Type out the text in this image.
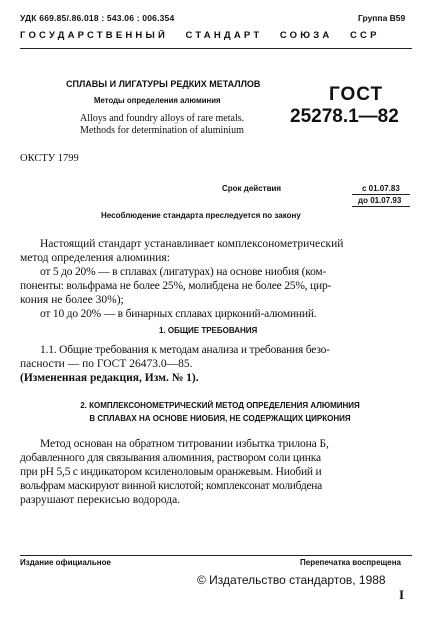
УДК 669.85/.86.018 : 543.06 : 006.354	Группа В59
ГОСУДАРСТВЕННЫЙ   СТАНДАРТ   СОЮЗА   ССР
СПЛАВЫ И ЛИГАТУРЫ РЕДКИХ МЕТАЛЛОВ
Методы определения алюминия
Alloys and foundry alloys of rare metals.
Methods for determination of aluminium
ГОСТ
25278.1—82
ОКСТУ 1799
Срок действия	с 01.07.83
до 01.07.93
Несоблюдение стандарта преследуется по закону

Настоящий стандарт устанавливает комплексонометрический

метод определения алюминия:

от 5 до 20% — в сплавах (лигатурах) на основе ниобия (ком-

поненты: вольфрама не более 25%, молибдена не более 25%, цир-

кония не более 30%);

от 10 до 20% — в бинарных сплавах цирконий-алюминий.

1. ОБЩИЕ ТРЕБОВАНИЯ

1.1. Общие требования к методам анализа и требования безо-

пасности — по ГОСТ 26473.0—85.

(Измененная редакция, Изм. № 1).

2. КОМПЛЕКСОНОМЕТРИЧЕСКИЙ МЕТОД ОПРЕДЕЛЕНИЯ АЛЮМИНИЯ
В СПЛАВАХ НА ОСНОВЕ НИОБИЯ, НЕ СОДЕРЖАЩИХ ЦИРКОНИЯ

Метод основан на обратном титровании избытка трилона Б,

добавленного для связывания алюминия, раствором соли цинка

при pH 5,5 с индикатором ксиленоловым оранжевым. Ниобий и

вольфрам маскируют винной кислотой; комплексонат молибдена

разрушают перекисью водорода.

Издание официальное	Перепечатка воспрещена
© Издательство стандартов, 1988
I
